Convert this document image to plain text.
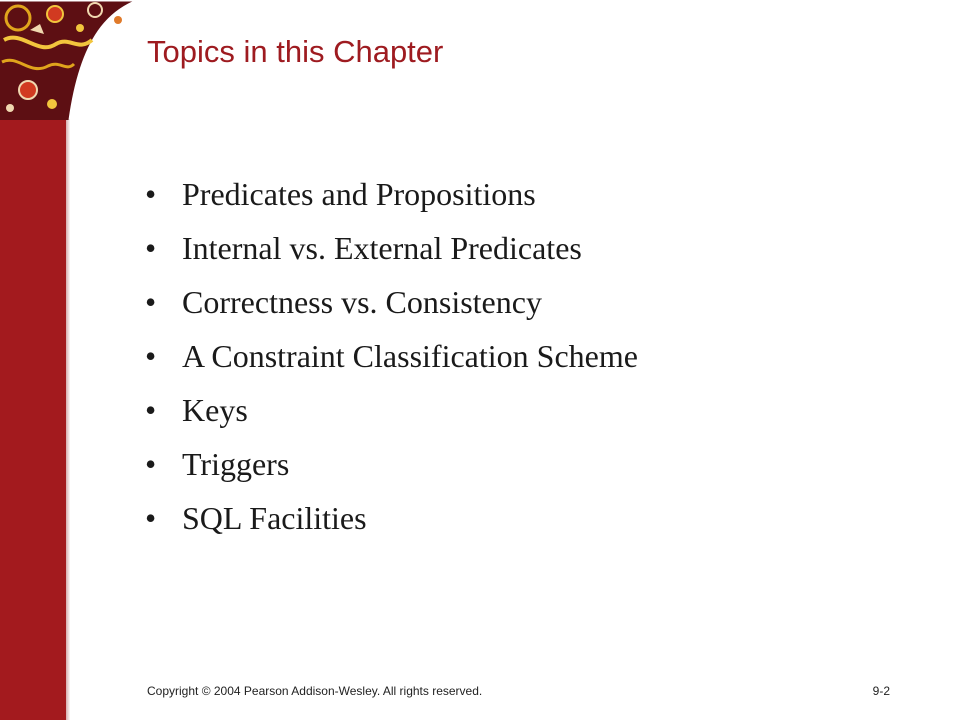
Topics in this Chapter
• Predicates and Propositions
• Internal vs. External Predicates
• Correctness vs. Consistency
• A Constraint Classification Scheme
• Keys
• Triggers
• SQL Facilities
Copyright © 2004 Pearson Addison-Wesley. All rights reserved.	9-2
